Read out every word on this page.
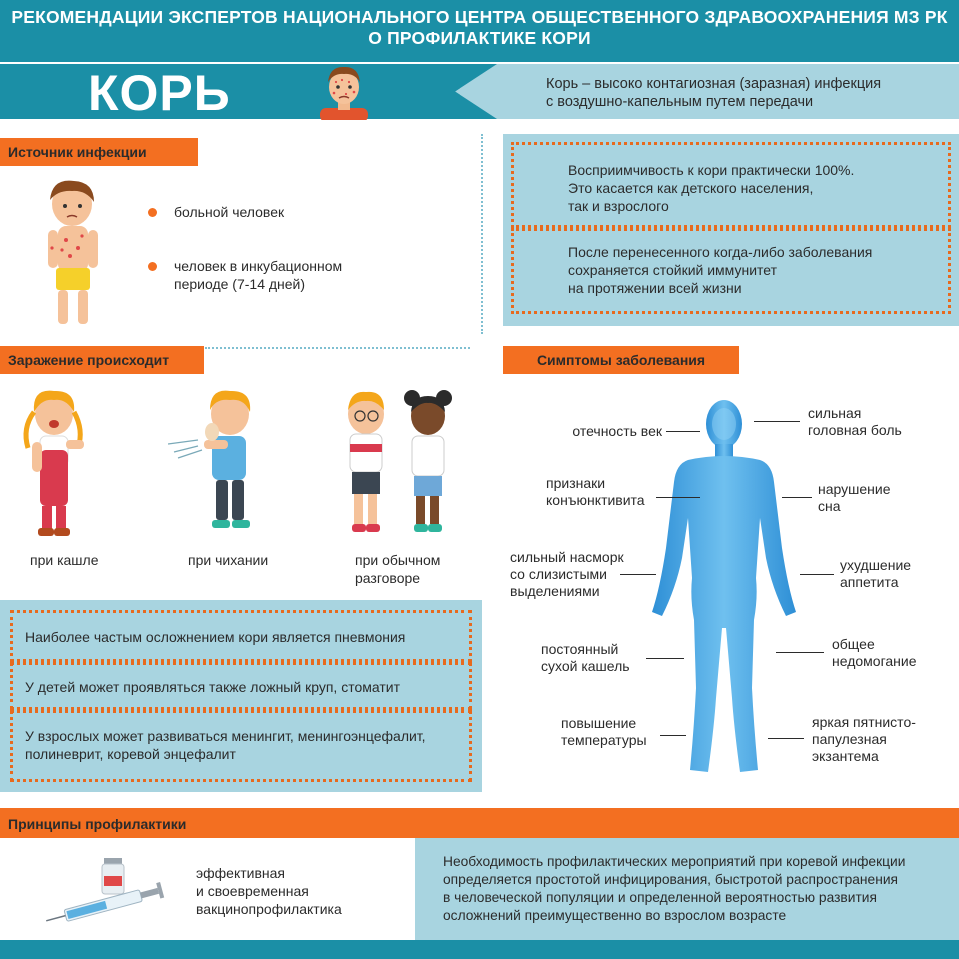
РЕКОМЕНДАЦИИ ЭКСПЕРТОВ НАЦИОНАЛЬНОГО ЦЕНТРА ОБЩЕСТВЕННОГО ЗДРАВООХРАНЕНИЯ МЗ РК
О ПРОФИЛАКТИКЕ КОРИ
КОРЬ	Корь – высоко контагиозная (заразная) инфекция
с воздушно-капельным путем передачи
Источник инфекции
больной человек
человек в инкубационном
периоде (7-14 дней)
Восприимчивость к кори практически 100%.
Это касается как детского населения,
так и взрослого
После перенесенного когда-либо заболевания
сохраняется стойкий иммунитет
на протяжении всей жизни
Заражение происходит
при кашле	при чихании	при обычном
разговоре
Наиболее частым осложнением кори является пневмония
У детей может проявляться также ложный круп, стоматит
У взрослых может развиваться менингит, менингоэнцефалит,
полиневрит, коревой энцефалит
Симптомы заболевания
отечность век
признаки
конъюнктивита
сильный насморк
со слизистыми
выделениями
постоянный
сухой кашель
повышение
температуры
сильная
головная боль
нарушение
сна
ухудшение
аппетита
общее
недомогание
яркая пятнисто-
папулезная
экзантема
Принципы профилактики
эффективная
и своевременная
вакцинопрофилактика
Необходимость профилактических мероприятий при коревой инфекции
определяется простотой инфицирования, быстротой распространения
в человеческой популяции и определенной вероятностью развития
осложнений преимущественно во взрослом возрасте
